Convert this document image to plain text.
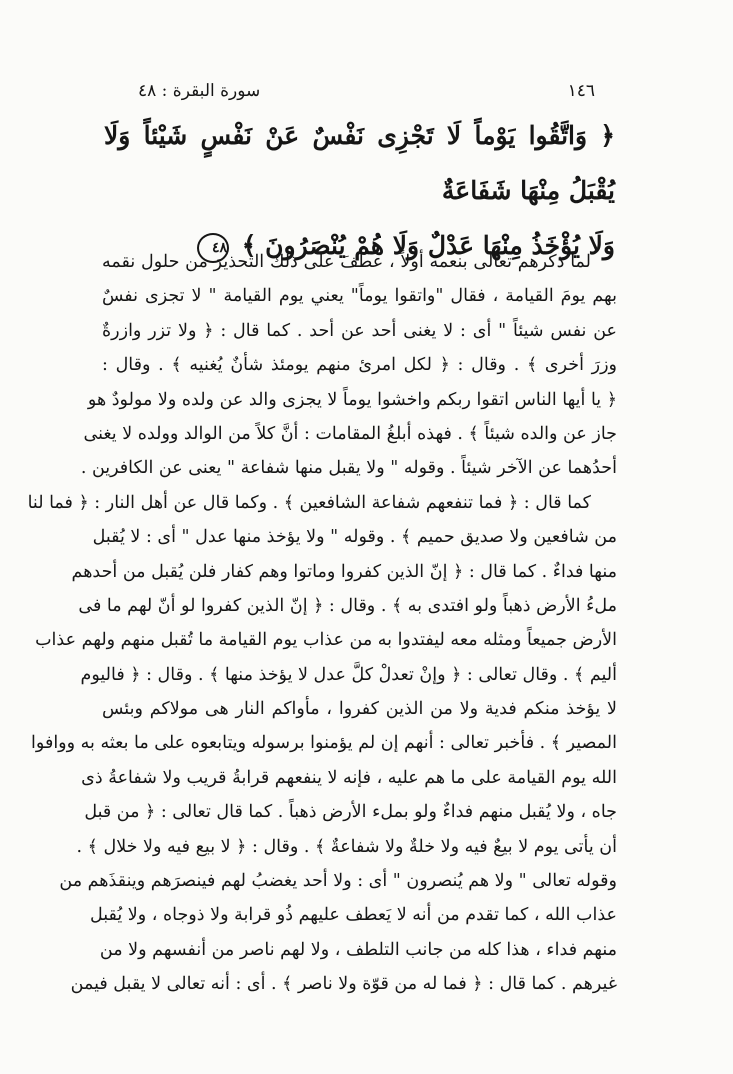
١٤٦
سورة البقرة : ٤٨
﴿ وَاتَّقُوا يَوْماً لَا تَجْزِى نَفْسٌ عَنْ نَفْسٍ شَيْئاً وَلَا يُقْبَلُ مِنْهَا شَفَاعَةٌ
وَلَا يُؤْخَذُ مِنْهَا عَدْلٌ وَلَا هُمْ يُنْصَرُونَ ﴾ ٤٨
لما ذكرهم تعالى بنعمه أولاً ، عطفَ على ذلك التحذيرَ من حلول نقمه
بهم يومَ القيامة ، فقال "واتقوا يوماً" يعني يوم القيامة " لا تجزى نفسٌ
عن نفس شيئاً " أى : لا يغنى أحد عن أحد . كما قال : ﴿ ولا تزر وازرةٌ
وزرَ أخرى ﴾ . وقال : ﴿ لكل امرئ منهم يومئذ شأنٌ يُغنيه ﴾ . وقال :
﴿ يا أيها الناس اتقوا ربكم واخشوا يوماً لا يجزى والد عن ولده ولا مولودٌ هو
جاز عن والده شيئاً ﴾ . فهذه أبلغُ المقامات : أنَّ كلاً من الوالد وولده لا يغنى
أحدُهما عن الآخر شيئاً . وقوله " ولا يقبل منها شفاعة " يعنى عن الكافرين .
كما قال : ﴿ فما تنفعهم شفاعة الشافعين ﴾ . وكما قال عن أهل النار : ﴿ فما لنا
من شافعين ولا صديق حميم ﴾ . وقوله " ولا يؤخذ منها عدل " أى : لا يُقبل
منها فداءٌ . كما قال : ﴿ إنّ الذين كفروا وماتوا وهم كفار فلن يُقبل من أحدهم
ملءُ الأرض ذهباً ولو افتدى به ﴾ . وقال : ﴿ إنّ الذين كفروا لو أنّ لهم ما فى
الأرض جميعاً ومثله معه ليفتدوا به من عذاب يوم القيامة ما تُقبل منهم ولهم عذاب
أليم ﴾ . وقال تعالى : ﴿ وإنْ تعدلْ كلَّ عدل لا يؤخذ منها ﴾ . وقال : ﴿ فاليوم
لا يؤخذ منكم فدية ولا من الذين كفروا ، مأواكم النار هى مولاكم وبئس
المصير ﴾ . فأخبر تعالى : أنهم إن لم يؤمنوا برسوله ويتابعوه على ما بعثه به ووافوا
الله يوم القيامة على ما هم عليه ، فإنه لا ينفعهم قرابةُ قريب ولا شفاعةُ ذى
جاه ، ولا يُقبل منهم فداءٌ ولو بملء الأرض ذهباً . كما قال تعالى : ﴿ من قبل
أن يأتى يوم لا بيعٌ فيه ولا خلةٌ ولا شفاعةٌ ﴾ . وقال : ﴿ لا بيع فيه ولا خلال ﴾ .
وقوله تعالى " ولا هم يُنصرون " أى : ولا أحد يغضبُ لهم فينصرَهم وينقذَهم من
عذاب الله ، كما تقدم من أنه لا يَعطف عليهم ذُو قرابة ولا ذوجاه ، ولا يُقبل
منهم فداء ، هذا كله من جانب التلطف ، ولا لهم ناصر من أنفسهم ولا من
غيرهم . كما قال : ﴿ فما له من قوّة ولا ناصر ﴾ . أى : أنه تعالى لا يقبل فيمن
